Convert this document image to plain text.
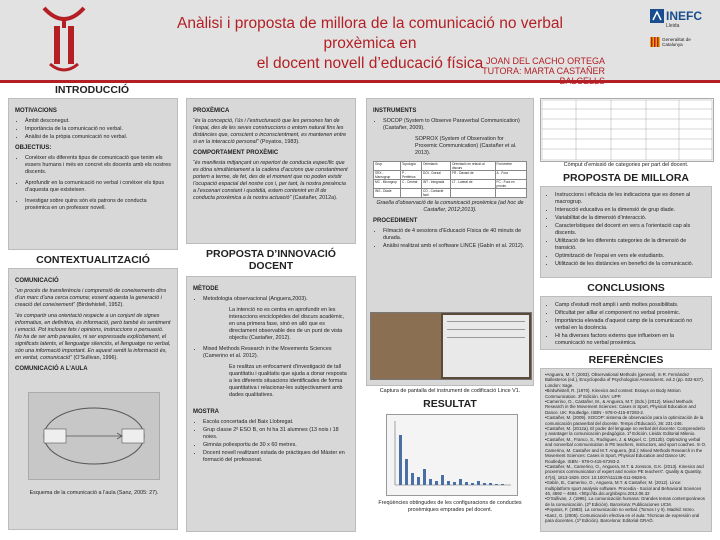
Anàlisi i proposta de millora de la comunicació no verbal proxèmica en
el docent novell d’educació física JOAN DEL CACHO ORTEGA
TUTORA: MARTA CASTAÑER
INEFC
Lleida
Generalitat de Catalunya
INTRODUCCIÓ
MOTIVACIONS
• Àmbit desconegut.
• Importància de la comunicació no verbal.
• Anàlisi de la pròpia comunicació no verbal.
OBJECTIUS:
• Conèixer els diferents tipus de comunicació que tenim els essers humans i més en concret els docents amb els nostres discents.
• Aprofundir en la comunicació no verbal i conèixer els tipus d’aquesta que existeixen.
• Investigar sobre quins són els patrons de conducta proxèmica en un professor novell.
CONTEXTUALITZACIÓ
COMUNICACIÓ

“un procés de transferència i comprensió de coneixements dins d’un marc d’una cerca comuna; essent aquesta la generació i creació del coneixement” (Birdwhistell, 1952).

“és compartir una orientació respecte a un conjunt de signes informatius, en definitiva, és informació, però també és sentiment i emoció. Pot incloure fets i opinions, instruccions o persuasió. No ha de ser amb paraules, ni ser expressada explícitament, el significats latents, el llenguatge silenciós, el llenguatge no verbal, són una informació important. En aquest sentit la informació és, en veritat, comunicació” (O’Sullivan, 1996).

COMUNICACIÓ A L’AULA
Esquema de la comunicació a l’aula (Sanz, 2005: 27).
PROXÈMICA

“és la concepció, l’ús i l’estructuració que les persones fan de l’espai, des de les seves construccions o entorn natural fins les distàncies que, conscient o inconscientment, es mantenen entre si en la interacció personal” (Poyatos, 1983).

COMPORTAMENT PROXÈMIC

“és manifesta mitjançant un repertori de conducta específic que es dóna simultàniament a la cadena d’accions que constantment portem a terme, de fet, des de el moment que no poden existir l’ocupació espacial del nostre cos i, per tant, la nostra presència a l’escenari constant i quotidià, estem contenint en lil de conducta proxèmica a la nostra actuació” (Castañer, 2012a).

PROPOSTA D’INNOVACIÓ DOCENT
MÈTODE
• Metodologia observacional (Anguera,2003).

La intenció no es centra en aprofundir en les interaccions enciclopèdes del discurs acadèmic, en una primera fase, sinó en allò que es directament observable des de un punt de vista objectiu (Castañer, 2012).

• Mixed Methods Research in the Movements Sciences (Camerino et al. 2012).

Es realitza un enfocament d’investigació de tall quantitatiu i qualitatiu que ajuda a donar resposta a les diferents situacions identificades de forma quantitativa i relacionar-les subjectivament amb dades qualitatives.

MOSTRA
• Escola concertada del Baix Llobregat.
• Grup classe 2º ESO B, on hi ha 31 alumnes (13 nois i 18 noies.
• Gimnàs poliesportiu de 30 x 60 metres.
• Docent novell realitzant estada de pràctiques del Màster en formació del professorat.
INSTRUMENTS
• SOCOP (System to Observe Paraverbal Communication) (Castañer, 2009).

SOPROX (System of Observation for Proxemic Communication) (Castañer et al. 2013).

Grup	Topologia	Orientació	Orientació en relació al discurs	Fonòmetre
SRX - Macrogrup	P - Perifèrica	DOt - Dorsal	FR - Davant de	A - Fora
MC - Microgrup	C - Central	INT - integrada	LT - Lateral de	FC - Fora en proxim.
INS - Diade		CO - Contacte facil		

Graella d’observació de la comunicació proxèmica (ad hoc de Castañer, 2012;2013).

PROCEDIMENT
• Filmació de 4 sessions d’Educació Física de 40 minuts de durada.
• Anàlisi realitzat amb el software LINCE (Gabín et al. 2012).
Captura de pantalla del instrument de codificació Lince V1.
RESULTAT
Freqüències obtingudes de les configuracions de conductes proxèmiques emprades pel docent.
Còmput d’emissió de categories per part del docent.
PROPOSTA DE MILLORA
• Instruccions i eficàcia de les indicacions que es donen al macrogrup.
• Interacció educativa en la dimensió de grup diade.
• Variabilitat de la dimensió d’interacció.
• Característiques del docent en vers a l’orientació cap als discents.
• Utilització de les diferents categories de la dimensió de transició.
• Optimització de l’espai en vers ele estudiants.
• Utilització de les distàncies en benefici de la comunicació.
CONCLUSIONS
• Camp d’estudi molt ampli i amb moltes possibilitats.
• Dificultat per alllar el component no verbal proxèmic.
• Importància elevada d’aquest camp de la comunicació no verbal en la docència.
• Hi ha diverses factors externs que influeixen en la comunicació no verbal proxèmica.
REFERÈNCIES
•Anguera, M. T. (2003). Observational Methods (general). In R. Fernández Ballesteros (ed.), Encyclopedia of Psychological Assessment, vol.2 (pp. 632-637). London: Sage.
•Birdwhistell, R. (1970). Kinesics and context: Essays on Body Motion Communication. 3ª Edición. USA: UPP.
•Camerino, O., Castañer, M., & Anguera, M.T. (Eds.) (2012). Mixed Methods Research in the Movement Sciences: Cases in Sport, Physical Education and Dance. UK: Routledge. ISBN - 978-0-415-67293-2.
•Castañer, M. (2009). SOCOP: sistema de observación para la optimización de la comunicación paraverbal del docente. Temps d’Educació, 36: 231-246.
•Castañer, M. (2012a). El poder del lenguaje no verbal del docente: Comprenderlo y avantager la comunicación pedagógica. 1ª Edición. Lleida: Editorial Milenio.
•Castañer, M., Franco, S., Rodrigues, J. & Miguel, C. (2012b). Optimizing verbal and nonverbal communication in PE teachers, instructors, and sport coaches. In O. Camerino, M. Castañer and M.T. Anguera, (Ed.): Mixed Methods Research in the Movement Sciences: Cases in Sport, Physical Education and Dance UK: Routledge. ISBN - 978-0-415-67293-2.
•Castañer, M., Camerino, O., Anguera, M.T. & Jonsson, G.K. (2013). Kinesics and proxemics communication of expert and novice PE teachers”. Quality & Quantity. 47(4), 1813-1829. DOI: 10.1007/s11135-011-9628-5.
•Gabín, B., Camerino, O., Anguera, M.T. & Castañer, M. (2012). Lince: multiplatform sport analysis software. Procedia - Social and Behavioral Sciences 46, 4692 – 4694. <http://dx.doi.org/sbspro.2012.06.32
•O’Sullivan, J. (1996). La comunicación humana: Grandes temas contemporáneos de la comunicación. (2ª Edición). Barcelona: Publicaciones UCM.
•Poyatos, F. (1983). La comunicación no verbal. (Tomos I y II). Madrid: Istmo.
•Sanz, G. (2005). Comunicación efectiva en el aula: Técnicas de expresión oral para docentes. (1ª Edición). Barcelona: Editorial GRAÓ.
